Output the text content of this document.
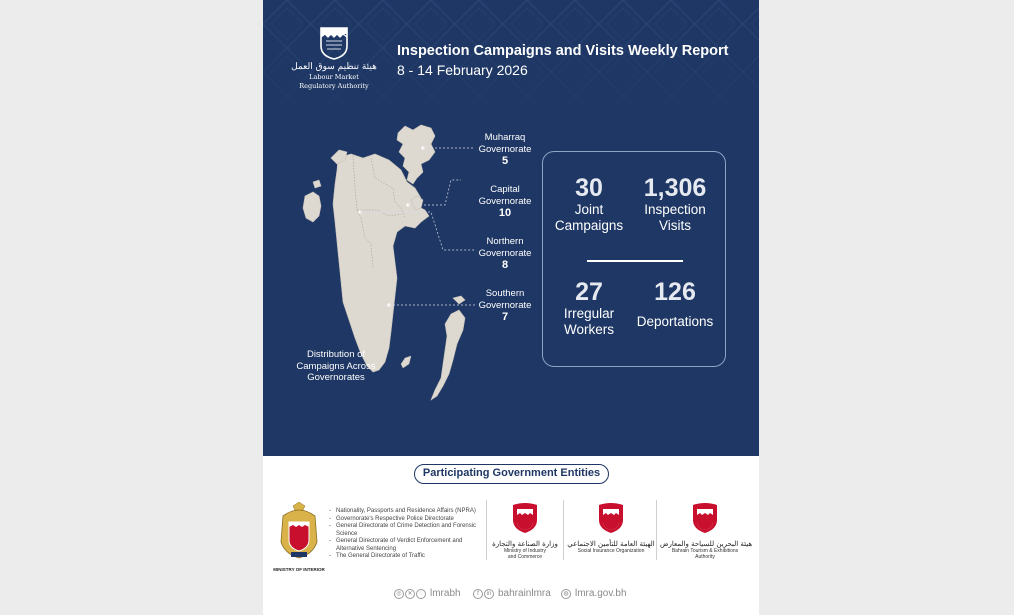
هيئة تنظيم سوق العمل
Labour Market
Regulatory Authority
Inspection Campaigns and Visits Weekly Report
8 - 14 February 2026
Muharraq Governorate
5
Capital Governorate
10
Northern Governorate
8
Southern Governorate
7
Distribution of Campaigns Across Governorates
30
Joint
Campaigns
1,306
Inspection
Visits
27
Irregular
Workers
126
Deportations
Participating Government Entities
MINISTRY OF INTERIOR
- Nationality, Passports and Residence Affairs (NPRA)
- Governorate's Respective Police Directorate
- General Directorate of Crime Detection and Forensic Science
- General Directorate of Verdict Enforcement and Alternative Sentencing
- The General Directorate of Traffic
وزارة الصناعة والتجارة
Ministry of Industry
and Commerce
الهيئة العامة للتأمين الاجتماعي
Social Insurance Organization
هيئة البحرين للسياحة والمعارض
Bahrain Tourism & Exhibitions
Authority
◎ ✕	◌ lmrabh	f	in bahrainlmra	◍ lmra.gov.bh
